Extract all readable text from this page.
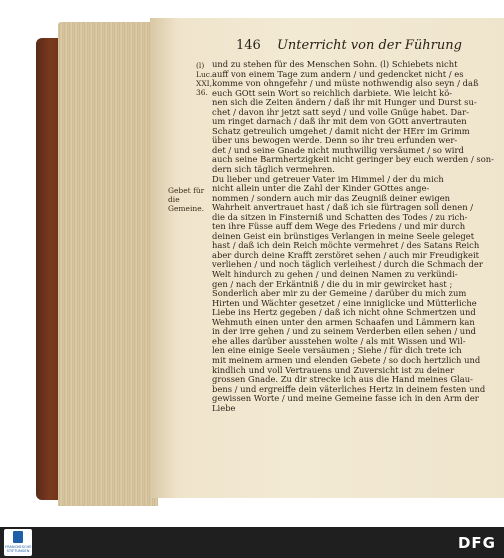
146 Unterricht von der Führung
(l) Luc. XXI, 36.
Gebet für die Gemeine.
und zu stehen für des Menschen Sohn. (l) Schiebets nicht
auff von einem Tage zum andern / und gedencket nicht / es
komme von ohngefehr / und müste nothwendig also seyn / daß
euch GOtt sein Wort so reichlich darbiete. Wie leicht kö-
nen sich die Zeiten ändern / daß ihr mit Hunger und Durst su-
chet / davon ihr jetzt satt seyd / und volle Gnüge habet. Dar-
um ringet darnach / daß ihr mit dem von GOtt anvertrauten
Schatz getreulich umgehet / damit nicht der HErr im Grimm
über uns bewogen werde. Denn so ihr treu erfunden wer-
det / und seine Gnade nicht muthwillig versäumet / so wird
auch seine Barmhertzigkeit nicht geringer bey euch werden / son-
dern sich täglich vermehren.
Du lieber und getreuer Vater im Himmel / der du mich
nicht allein unter die Zahl der Kinder GOttes ange-
nommen / sondern auch mir das Zeugniß deiner ewigen
Wahrheit anvertrauet hast / daß ich sie fürtragen soll denen /
die da sitzen in Finsterniß und Schatten des Todes / zu rich-
ten ihre Füsse auff dem Wege des Friedens / und mir durch
deinen Geist ein brünstiges Verlangen in meine Seele geleget
hast / daß ich dein Reich möchte vermehret / des Satans Reich
aber durch deine Krafft zerstöret sehen / auch mir Freudigkeit
verliehen / und noch täglich verleihest / durch die Schmach der
Welt hindurch zu gehen / und deinen Namen zu verkündi-
gen / nach der Erkäntniß / die du in mir gewircket hast ;
Sonderlich aber mir zu der Gemeine / darüber du mich zum
Hirten und Wächter gesetzet / eine inniglicke und Mütterliche
Liebe ins Hertz gegeben / daß ich nicht ohne Schmertzen und
Wehmuth einen unter den armen Schaafen und Lämmern kan
in der irre gehen / und zu seinem Verderben eilen sehen / und
ehe alles darüber ausstehen wolte / als mit Wissen und Wil-
len eine einige Seele versäumen ; Siehe / für dich trete ich
mit meinem armen und elenden Gebete / so doch hertzlich und
kindlich und voll Vertrauens und Zuversicht ist zu deiner
grossen Gnade. Zu dir strecke ich aus die Hand meines Glau-
bens / und ergreiffe dein väterliches Hertz in deinem festen und
gewissen Worte / und meine Gemeine fasse ich in den Arm der
Liebe
FRANCKESCHE STIFTUNGEN	DFG
